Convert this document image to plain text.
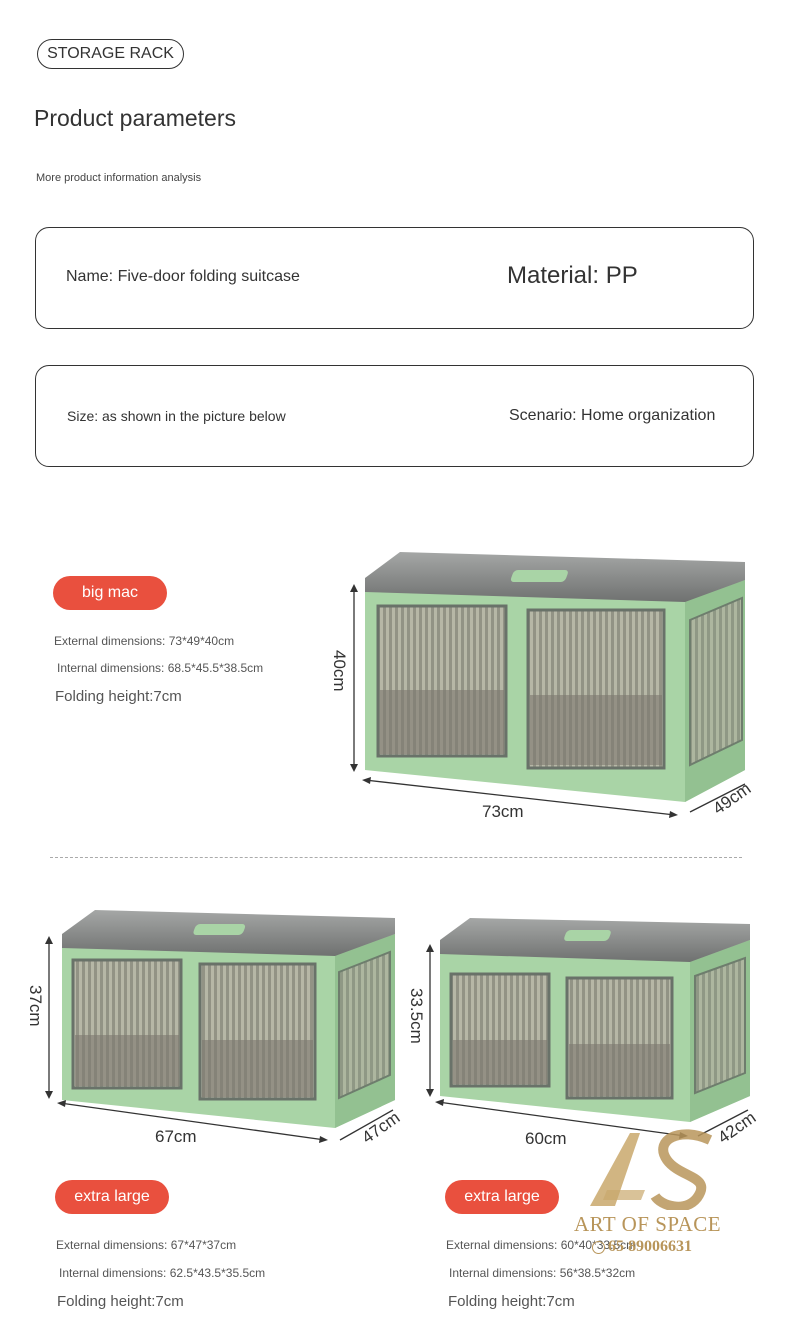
STORAGE RACK
Product parameters
More product information analysis
Name: Five-door folding suitcase	Material: PP
Size: as shown in the picture below	Scenario: Home organization
big mac
External dimensions: 73*49*40cm
Internal dimensions: 68.5*45.5*38.5cm
Folding height:7cm
40cm
73cm	49cm
37cm
67cm	47cm
33.5cm
60cm	42cm
extra large
External dimensions: 67*47*37cm
Internal dimensions: 62.5*43.5*35.5cm
Folding height:7cm
extra large
External dimensions: 60*40*33.5cm
Internal dimensions: 56*38.5*32cm
Folding height:7cm
ART OF SPACE
65 89006631
